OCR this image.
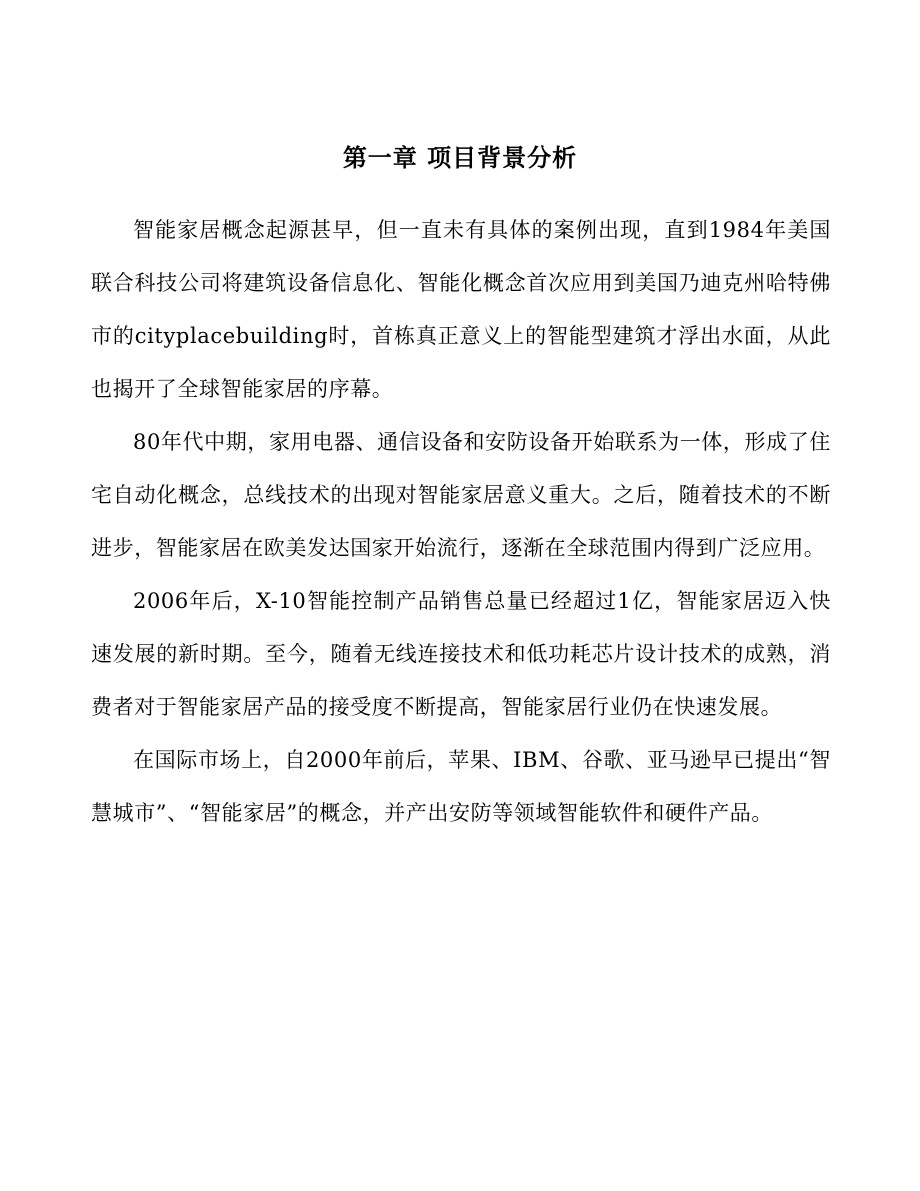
第一章 项目背景分析

智能家居概念起源甚早，但一直未有具体的案例出现，直到1984年美国联合科技公司将建筑设备信息化、智能化概念首次应用到美国乃迪克州哈特佛市的cityplacebuilding时，首栋真正意义上的智能型建筑才浮出水面，从此也揭开了全球智能家居的序幕。

80年代中期，家用电器、通信设备和安防设备开始联系为一体，形成了住宅自动化概念，总线技术的出现对智能家居意义重大。之后，随着技术的不断进步，智能家居在欧美发达国家开始流行，逐渐在全球范围内得到广泛应用。

2006年后，X-10智能控制产品销售总量已经超过1亿，智能家居迈入快速发展的新时期。至今，随着无线连接技术和低功耗芯片设计技术的成熟，消费者对于智能家居产品的接受度不断提高，智能家居行业仍在快速发展。

在国际市场上，自2000年前后，苹果、IBM、谷歌、亚马逊早已提出“智慧城市”、“智能家居”的概念，并产出安防等领域智能软件和硬件产品。
